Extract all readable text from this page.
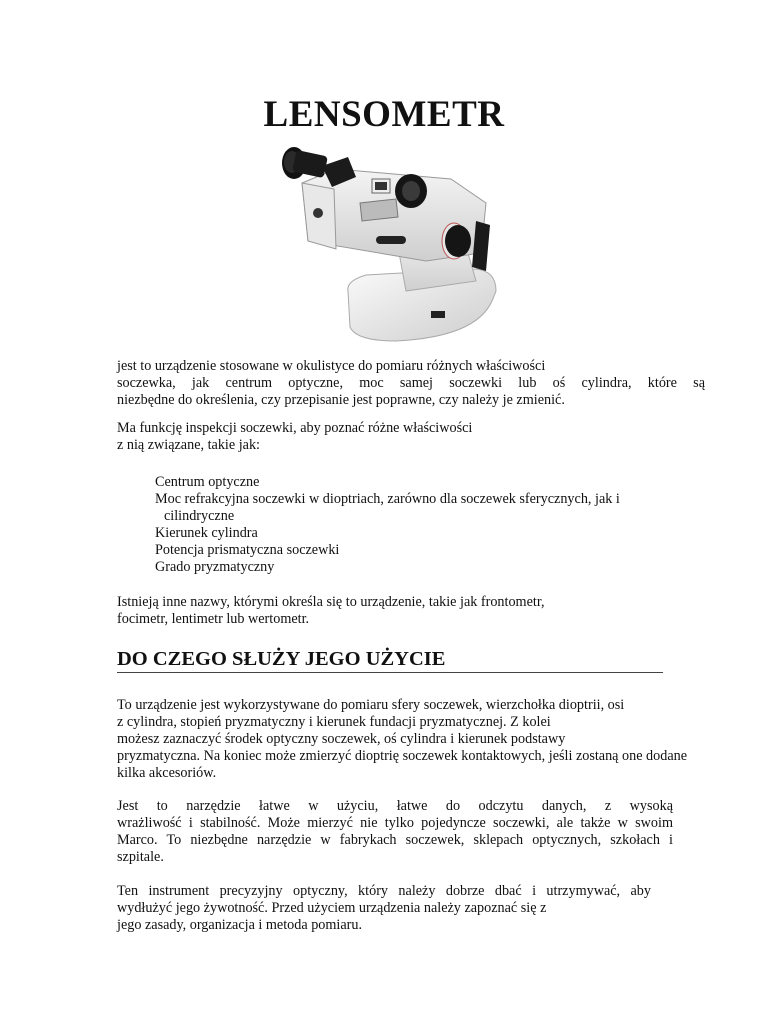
LENSOMETR
jest to urządzenie stosowane w okulistyce do pomiaru różnych właściwości
soczewka, jak centrum optyczne, moc samej soczewki lub oś cylindra, które są
niezbędne do określenia, czy przepisanie jest poprawne, czy należy je zmienić.
Ma funkcję inspekcji soczewki, aby poznać różne właściwości
z nią związane, takie jak:
Centrum optyczne
Moc refrakcyjna soczewki w dioptriach, zarówno dla soczewek sferycznych, jak i
cilindryczne
Kierunek cylindra
Potencja prismatyczna soczewki
Grado pryzmatyczny
Istnieją inne nazwy, którymi określa się to urządzenie, takie jak frontometr,
focimetr, lentimetr lub wertometr.
DO CZEGO SŁUŻY JEGO UŻYCIE
To urządzenie jest wykorzystywane do pomiaru sfery soczewek, wierzchołka dioptrii, osi
z cylindra, stopień pryzmatyczny i kierunek fundacji pryzmatycznej. Z kolei
możesz zaznaczyć środek optyczny soczewek, oś cylindra i kierunek podstawy
pryzmatyczna. Na koniec może zmierzyć dioptrię soczewek kontaktowych, jeśli zostaną one dodane
kilka akcesoriów.
Jest to narzędzie łatwe w użyciu, łatwe do odczytu danych, z wysoką
wrażliwość i stabilność. Może mierzyć nie tylko pojedyncze soczewki, ale także w swoim
Marco. To niezbędne narzędzie w fabrykach soczewek, sklepach optycznych, szkołach i
szpitale.
Ten instrument precyzyjny optyczny, który należy dobrze dbać i utrzymywać, aby
wydłużyć jego żywotność. Przed użyciem urządzenia należy zapoznać się z
jego zasady, organizacja i metoda pomiaru.
